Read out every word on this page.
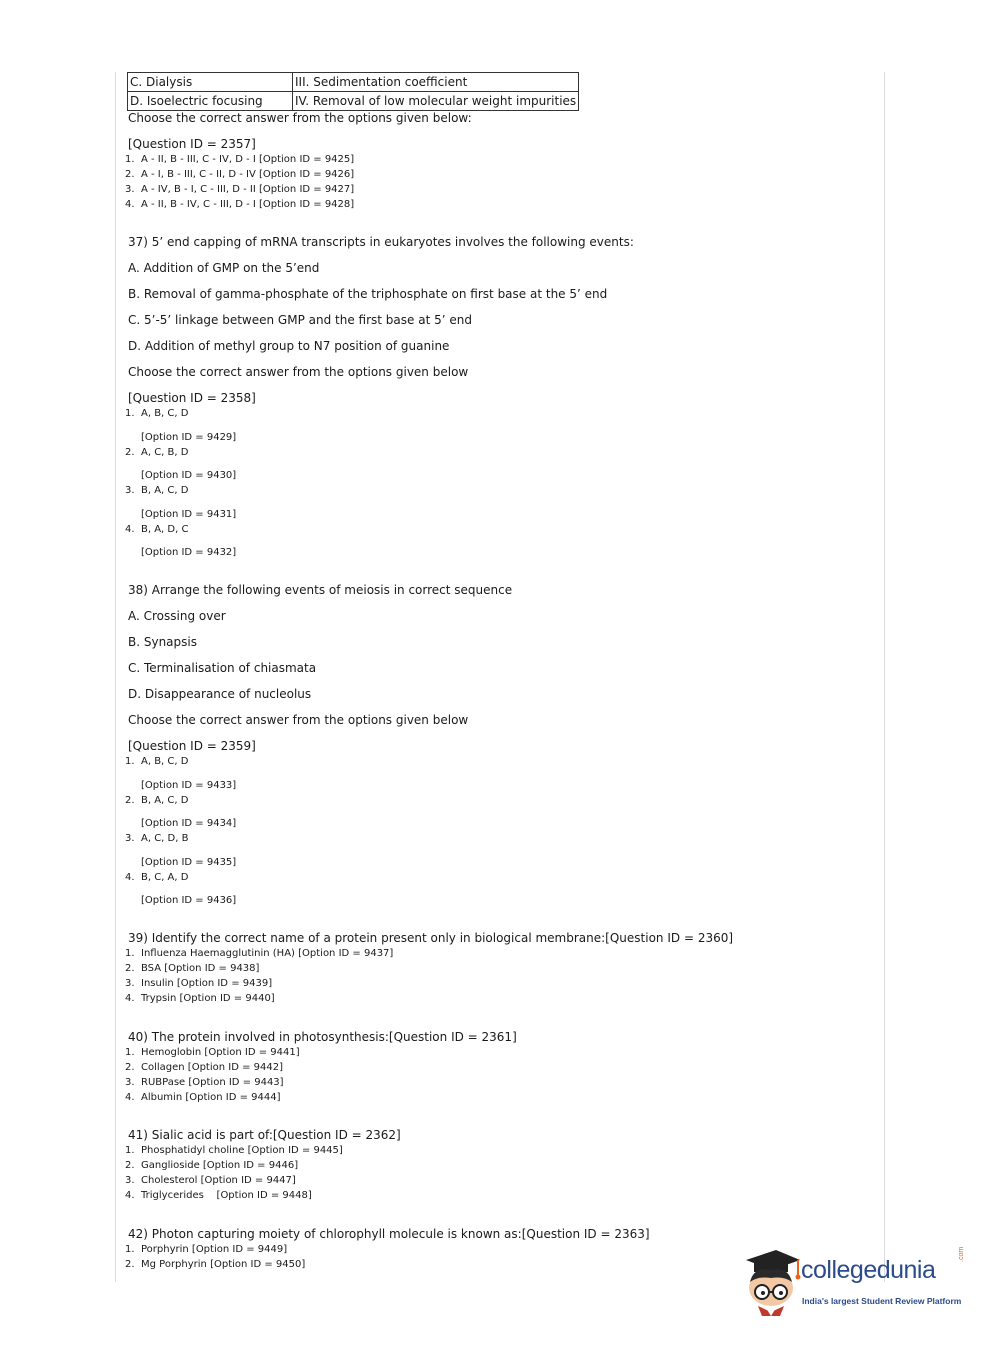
C. Dialysis	III. Sedimentation coefficient
D. Isoelectric focusing	IV. Removal of low molecular weight impurities
Choose the correct answer from the options given below:
[Question ID = 2357]
1. A - II, B - III, C - IV, D - I [Option ID = 9425]
2. A - I, B - III, C - II, D - IV [Option ID = 9426]
3. A - IV, B - I, C - III, D - II [Option ID = 9427]
4. A - II, B - IV, C - III, D - I [Option ID = 9428]
37) 5’ end capping of mRNA transcripts in eukaryotes involves the following events:
A. Addition of GMP on the 5’end
B. Removal of gamma-phosphate of the triphosphate on first base at the 5’ end
C. 5’-5’ linkage between GMP and the first base at 5’ end
D. Addition of methyl group to N7 position of guanine
Choose the correct answer from the options given below
[Question ID = 2358]
1. A, B, C, D
[Option ID = 9429]
2. A, C, B, D
[Option ID = 9430]
3. B, A, C, D
[Option ID = 9431]
4. B, A, D, C
[Option ID = 9432]
38) Arrange the following events of meiosis in correct sequence
A. Crossing over
B. Synapsis
C. Terminalisation of chiasmata
D. Disappearance of nucleolus
Choose the correct answer from the options given below
[Question ID = 2359]
1. A, B, C, D
[Option ID = 9433]
2. B, A, C, D
[Option ID = 9434]
3. A, C, D, B
[Option ID = 9435]
4. B, C, A, D
[Option ID = 9436]
39) Identify the correct name of a protein present only in biological membrane:[Question ID = 2360]
1. Influenza Haemagglutinin (HA) [Option ID = 9437]
2. BSA [Option ID = 9438]
3. Insulin [Option ID = 9439]
4. Trypsin [Option ID = 9440]
40) The protein involved in photosynthesis:[Question ID = 2361]
1. Hemoglobin [Option ID = 9441]
2. Collagen [Option ID = 9442]
3. RUBPase [Option ID = 9443]
4. Albumin [Option ID = 9444]
41) Sialic acid is part of:[Question ID = 2362]
1. Phosphatidyl choline [Option ID = 9445]
2. Ganglioside [Option ID = 9446]
3. Cholesterol [Option ID = 9447]
4. Triglycerides    [Option ID = 9448]
42) Photon capturing moiety of chlorophyll molecule is known as:[Question ID = 2363]
1. Porphyrin [Option ID = 9449]
2. Mg Porphyrin [Option ID = 9450]	collegedunia
.com
India's largest Student Review Platform
